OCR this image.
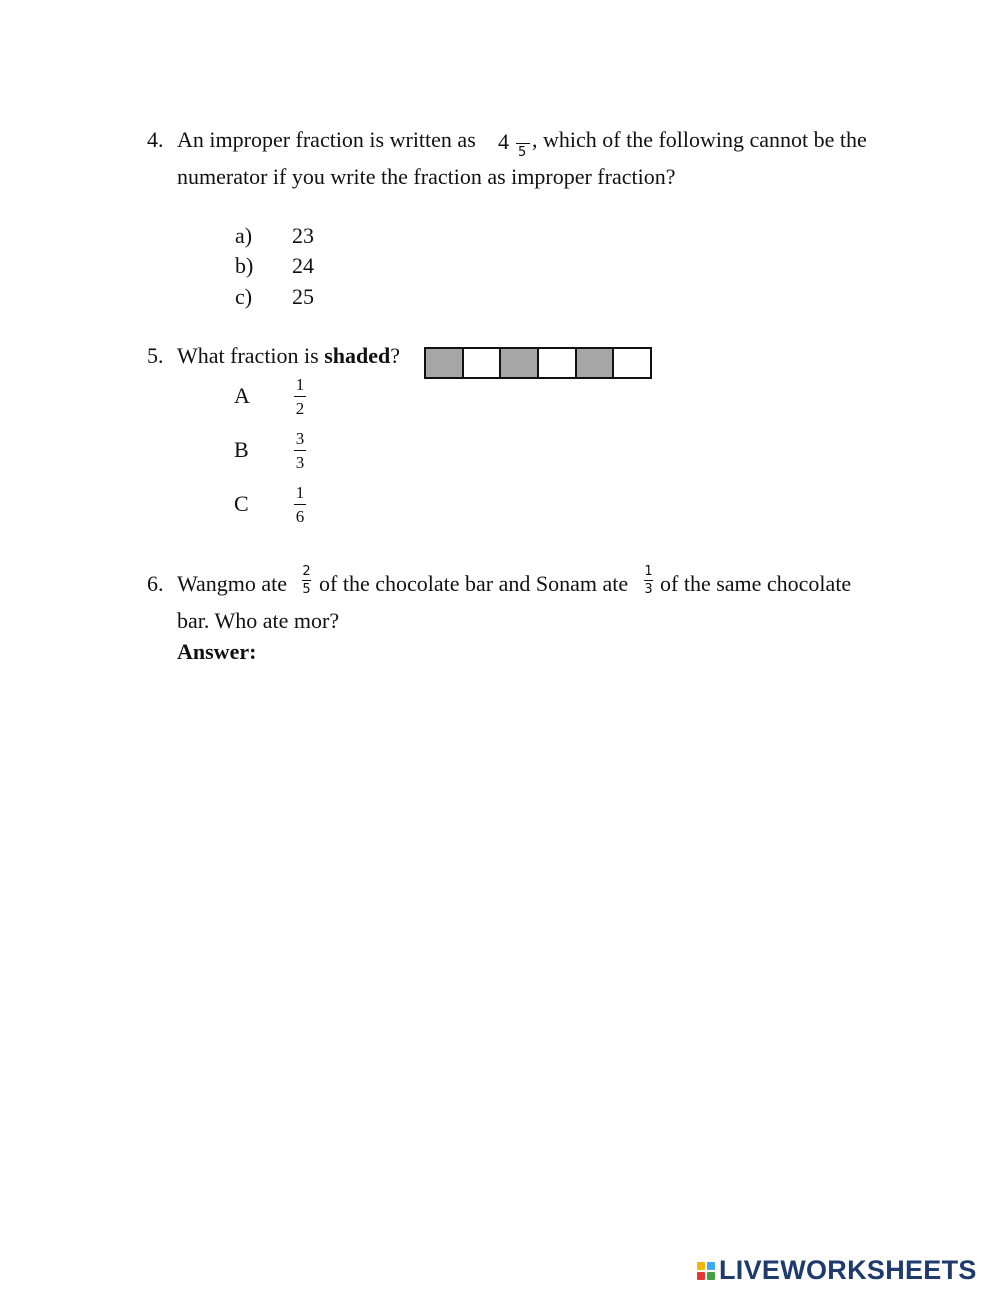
4. An improper fraction is written as 4 5
, which of the following cannot be the
numerator if you write the fraction as improper fraction?
a) 23
b) 24
c) 25
5. What fraction is shaded?
A	1
2
B	3
3
C	1
6
6. Wangmo ate 2
5 of the chocolate bar and Sonam ate 1
3 of the same chocolate
bar. Who ate mor?
Answer:
LIVEWORKSHEETS
